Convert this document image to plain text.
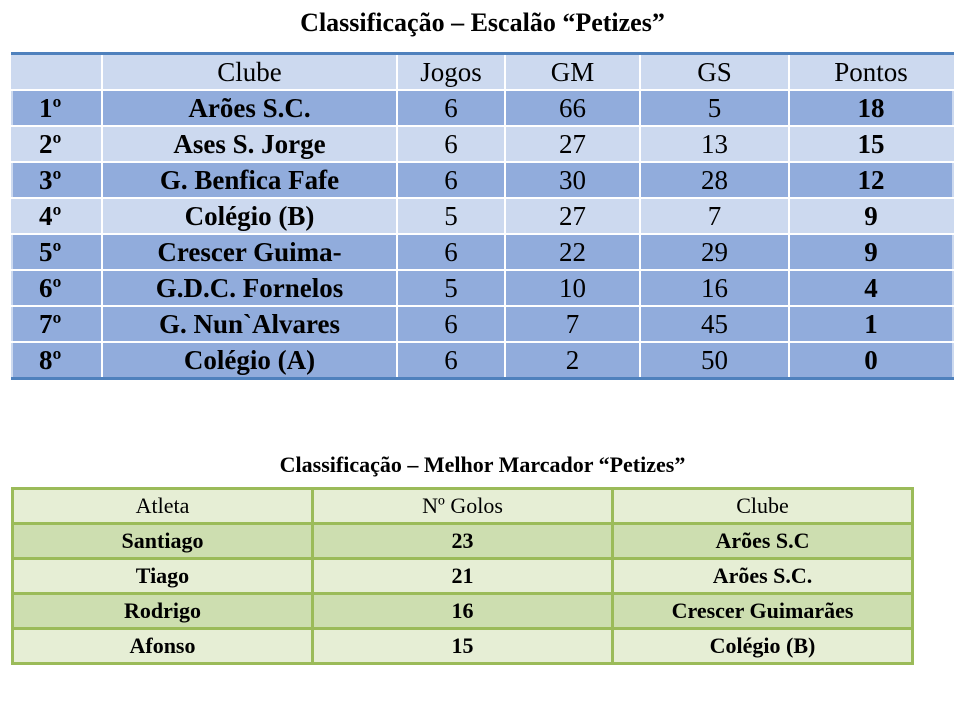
Classificação – Escalão “Petizes”
	Clube	Jogos	GM	GS	Pontos
1º	Arões S.C.	6	66	5	18
2º	Ases S. Jorge	6	27	13	15
3º	G. Benfica Fafe	6	30	28	12
4º	Colégio (B)	5	27	7	9
5º	Crescer Guima-	6	22	29	9
6º	G.D.C. Fornelos	5	10	16	4
7º	G. Nun`Alvares	6	7	45	1
8º	Colégio (A)	6	2	50	0
Classificação – Melhor Marcador “Petizes”
Atleta	Nº Golos	Clube
Santiago	23	Arões S.C
Tiago	21	Arões S.C.
Rodrigo	16	Crescer Guimarães
Afonso	15	Colégio (B)
